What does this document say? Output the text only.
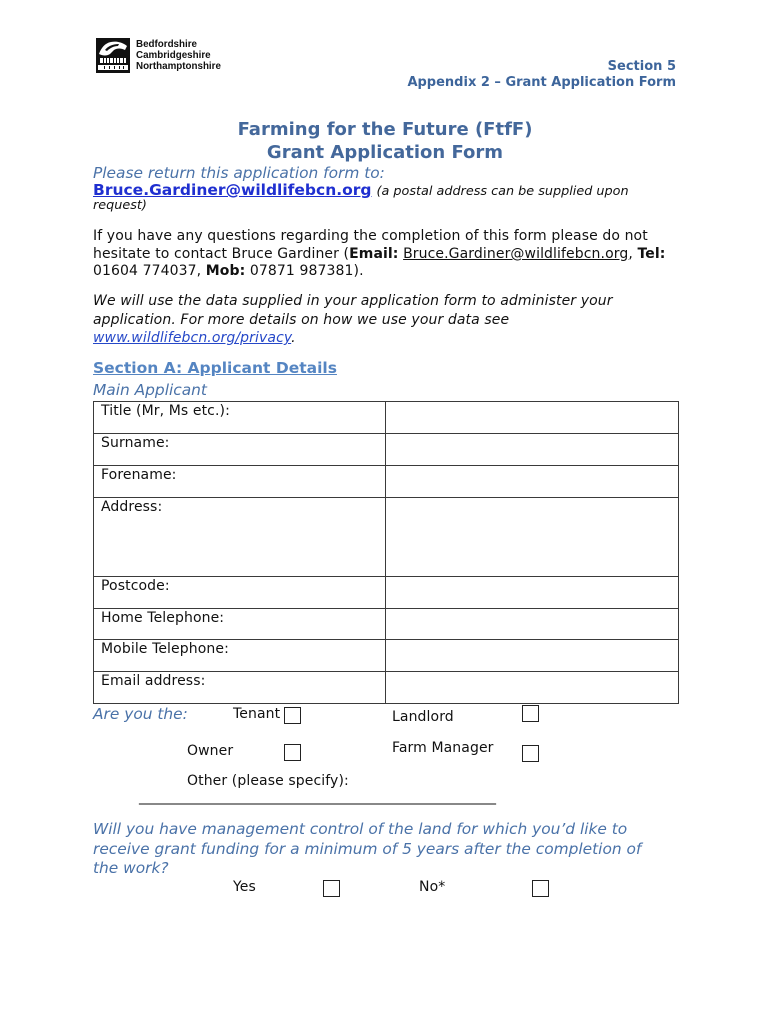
Bedfordshire
Cambridgeshire
Northamptonshire	Section 5
Appendix 2 – Grant Application Form
Farming for the Future (FtfF)
Grant Application Form
Please return this application form to:
Bruce.Gardiner@wildlifebcn.org (a postal address can be supplied upon
request)
If you have any questions regarding the completion of this form please do not
hesitate to contact Bruce Gardiner (Email: Bruce.Gardiner@wildlifebcn.org, Tel:
01604 774037, Mob: 07871 987381).
We will use the data supplied in your application form to administer your
application. For more details on how we use your data see
www.wildlifebcn.org/privacy.
Section A: Applicant Details
Main Applicant
Title (Mr, Ms etc.):	
Surname:	
Forename:	
Address:	
Postcode:	
Home Telephone:	
Mobile Telephone:	
Email address:	
Are you the:	Tenant	Landlord
Owner	Farm Manager
Other (please specify):
___________________________________________________
Will you have management control of the land for which you’d like to
receive grant funding for a minimum of 5 years after the completion of
the work?
Yes	No*
